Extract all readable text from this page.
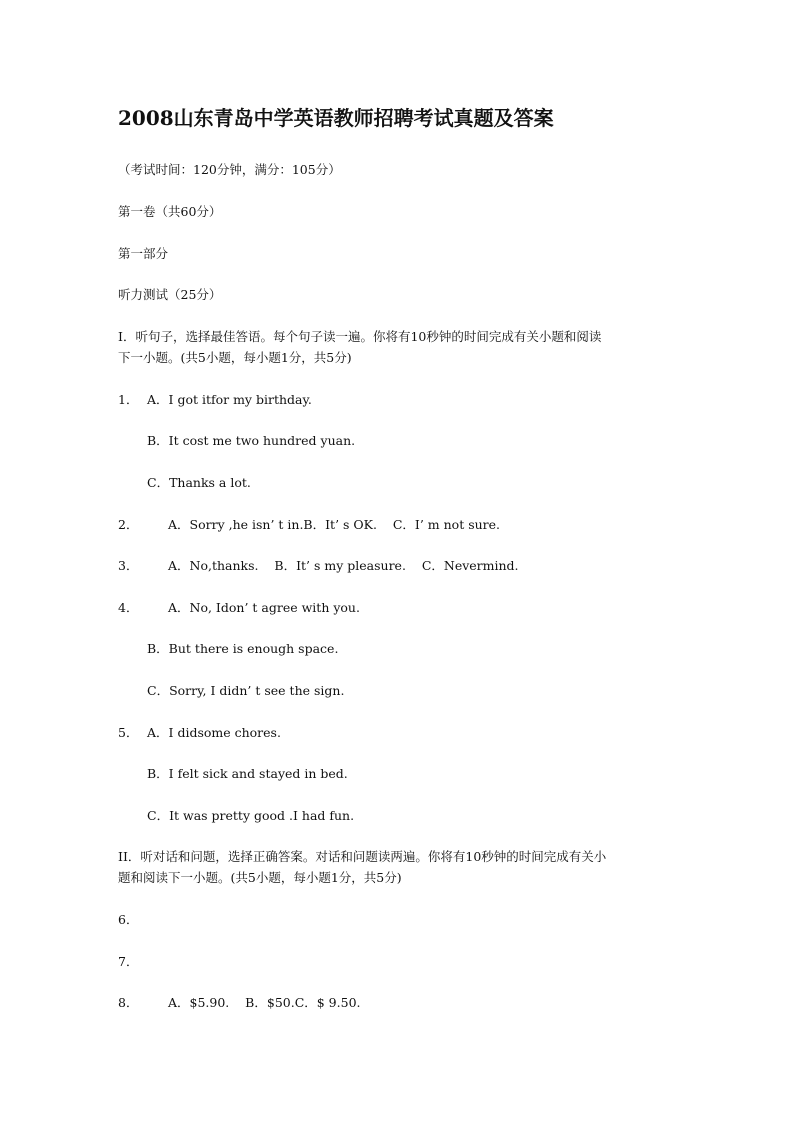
2008山东青岛中学英语教师招聘考试真题及答案

（考试时间：120分钟，满分：105分）

第一卷（共60分）

第一部分

听力测试（25分）

I．听句子，选择最佳答语。每个句子读一遍。你将有10秒钟的时间完成有关小题和阅读

下一小题。(共5小题，每小题1分，共5分)

1． A．I got itfor my birthday.

B．It cost me two hundred yuan.

C．Thanks a lot.

2． A．Sorry ,he isn’ t in.B．It’ s OK.    C．I’ m not sure.

3． A．No,thanks.    B．It’ s my pleasure.    C．Nevermind.

4． A．No, Idon’ t agree with you.

B．But there is enough space.

C．Sorry, I didn’ t see the sign.

5． A．I didsome chores.

B．I felt sick and stayed in bed.

C．It was pretty good .I had fun.

II．听对话和问题，选择正确答案。对话和问题读两遍。你将有10秒钟的时间完成有关小

题和阅读下一小题。(共5小题，每小题1分，共5分)

6．

7．

8． A．$5.90.    B．$50.C．$ 9.50.
